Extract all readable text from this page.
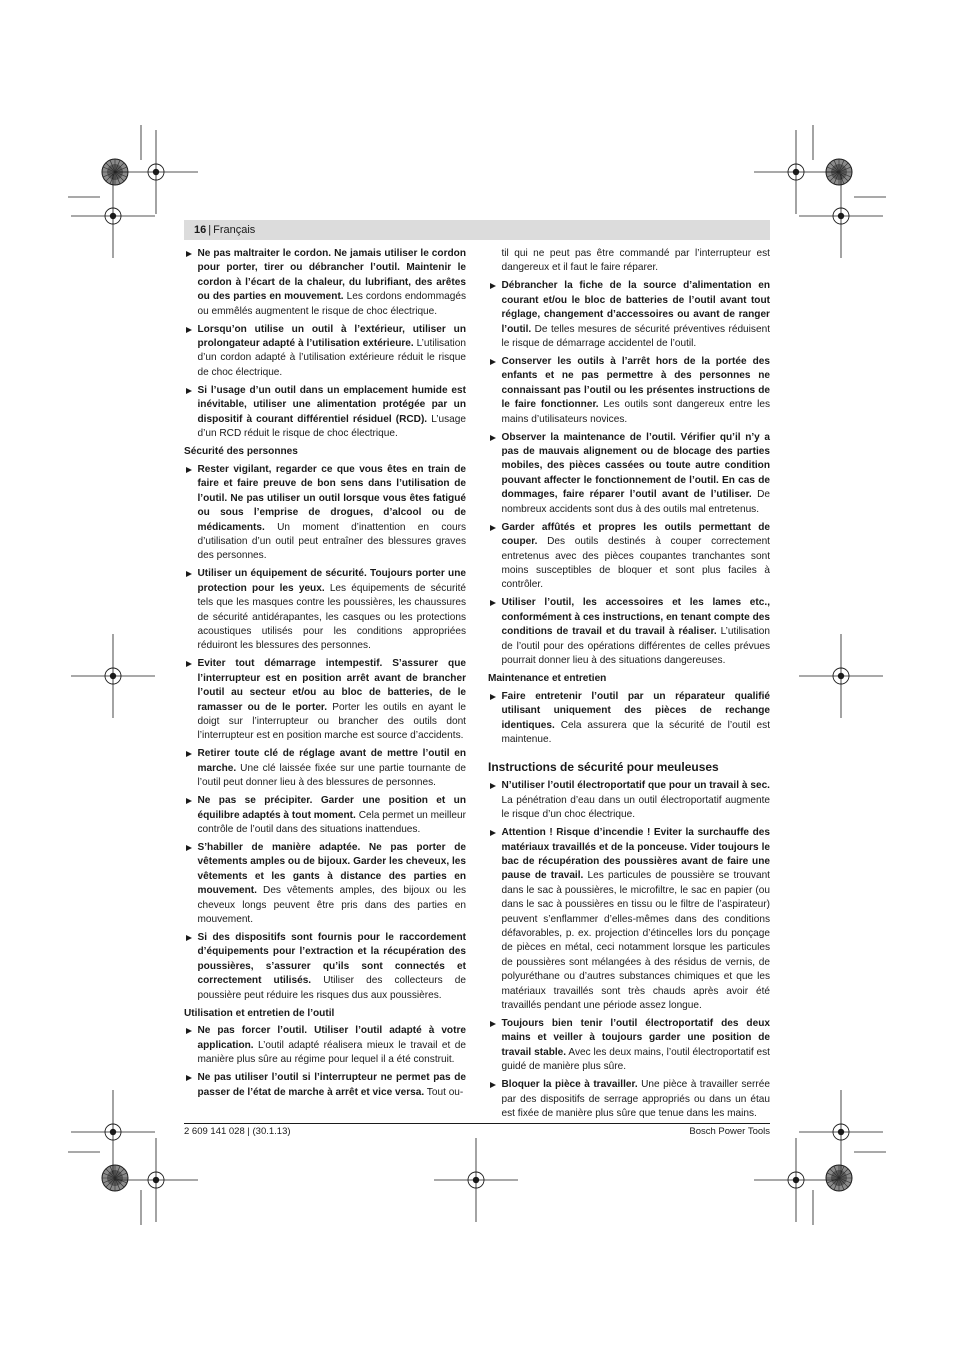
16 | Français
Ne pas maltraiter le cordon. Ne jamais utiliser le cordon pour porter, tirer ou débrancher l’outil. Maintenir le cordon à l’écart de la chaleur, du lubrifiant, des arêtes ou des parties en mouvement. Les cordons endommagés ou emmêlés augmentent le risque de choc électrique.
Lorsqu’on utilise un outil à l’extérieur, utiliser un prolongateur adapté à l’utilisation extérieure. L’utilisation d’un cordon adapté à l’utilisation extérieure réduit le risque de choc électrique.
Si l’usage d’un outil dans un emplacement humide est inévitable, utiliser une alimentation protégée par un dispositif à courant différentiel résiduel (RCD). L’usage d’un RCD réduit le risque de choc électrique.
Sécurité des personnes
Rester vigilant, regarder ce que vous êtes en train de faire et faire preuve de bon sens dans l’utilisation de l’outil. Ne pas utiliser un outil lorsque vous êtes fatigué ou sous l’emprise de drogues, d’alcool ou de médicaments. Un moment d’inattention en cours d’utilisation d’un outil peut entraîner des blessures graves des personnes.
Utiliser un équipement de sécurité. Toujours porter une protection pour les yeux. Les équipements de sécurité tels que les masques contre les poussières, les chaussures de sécurité antidérapantes, les casques ou les protections acoustiques utilisés pour les conditions appropriées réduiront les blessures des personnes.
Eviter tout démarrage intempestif. S’assurer que l’interrupteur est en position arrêt avant de brancher l’outil au secteur et/ou au bloc de batteries, de le ramasser ou de le porter. Porter les outils en ayant le doigt sur l’interrupteur ou brancher des outils dont l’interrupteur est en position marche est source d’accidents.
Retirer toute clé de réglage avant de mettre l’outil en marche. Une clé laissée fixée sur une partie tournante de l’outil peut donner lieu à des blessures de personnes.
Ne pas se précipiter. Garder une position et un équilibre adaptés à tout moment. Cela permet un meilleur contrôle de l’outil dans des situations inattendues.
S’habiller de manière adaptée. Ne pas porter de vêtements amples ou de bijoux. Garder les cheveux, les vêtements et les gants à distance des parties en mouvement. Des vêtements amples, des bijoux ou les cheveux longs peuvent être pris dans des parties en mouvement.
Si des dispositifs sont fournis pour le raccordement d’équipements pour l’extraction et la récupération des poussières, s’assurer qu’ils sont connectés et correctement utilisés. Utiliser des collecteurs de poussière peut réduire les risques dus aux poussières.
Utilisation et entretien de l’outil
Ne pas forcer l’outil. Utiliser l’outil adapté à votre application. L’outil adapté réalisera mieux le travail et de manière plus sûre au régime pour lequel il a été construit.
Ne pas utiliser l’outil si l’interrupteur ne permet pas de passer de l’état de marche à arrêt et vice versa. Tout ou-
til qui ne peut pas être commandé par l’interrupteur est dangereux et il faut le faire réparer.
Débrancher la fiche de la source d’alimentation en courant et/ou le bloc de batteries de l’outil avant tout réglage, changement d’accessoires ou avant de ranger l’outil. De telles mesures de sécurité préventives réduisent le risque de démarrage accidentel de l’outil.
Conserver les outils à l’arrêt hors de la portée des enfants et ne pas permettre à des personnes ne connaissant pas l’outil ou les présentes instructions de le faire fonctionner. Les outils sont dangereux entre les mains d’utilisateurs novices.
Observer la maintenance de l’outil. Vérifier qu’il n’y a pas de mauvais alignement ou de blocage des parties mobiles, des pièces cassées ou toute autre condition pouvant affecter le fonctionnement de l’outil. En cas de dommages, faire réparer l’outil avant de l’utiliser. De nombreux accidents sont dus à des outils mal entretenus.
Garder affûtés et propres les outils permettant de couper. Des outils destinés à couper correctement entretenus avec des pièces coupantes tranchantes sont moins susceptibles de bloquer et sont plus faciles à contrôler.
Utiliser l’outil, les accessoires et les lames etc., conformément à ces instructions, en tenant compte des conditions de travail et du travail à réaliser. L’utilisation de l’outil pour des opérations différentes de celles prévues pourrait donner lieu à des situations dangereuses.
Maintenance et entretien
Faire entretenir l’outil par un réparateur qualifié utilisant uniquement des pièces de rechange identiques. Cela assurera que la sécurité de l’outil est maintenue.
Instructions de sécurité pour meuleuses
N’utiliser l’outil électroportatif que pour un travail à sec. La pénétration d’eau dans un outil électroportatif augmente le risque d’un choc électrique.
Attention ! Risque d’incendie ! Eviter la surchauffe des matériaux travaillés et de la ponceuse. Vider toujours le bac de récupération des poussières avant de faire une pause de travail. Les particules de poussière se trouvant dans le sac à poussières, le microfiltre, le sac en papier (ou dans le sac à poussières en tissu ou le filtre de l’aspirateur) peuvent s’enflammer d’elles-mêmes dans des conditions défavorables, p. ex. projection d’étincelles lors du ponçage de pièces en métal, ceci notamment lorsque les particules de poussières sont mélangées à des résidus de vernis, de polyuréthane ou d’autres substances chimiques et que les matériaux travaillés sont très chauds après avoir été travaillés pendant une période assez longue.
Toujours bien tenir l’outil électroportatif des deux mains et veiller à toujours garder une position de travail stable. Avec les deux mains, l’outil électroportatif est guidé de manière plus sûre.
Bloquer la pièce à travailler. Une pièce à travailler serrée par des dispositifs de serrage appropriés ou dans un étau est fixée de manière plus sûre que tenue dans les mains.
2 609 141 028 | (30.1.13)	Bosch Power Tools
